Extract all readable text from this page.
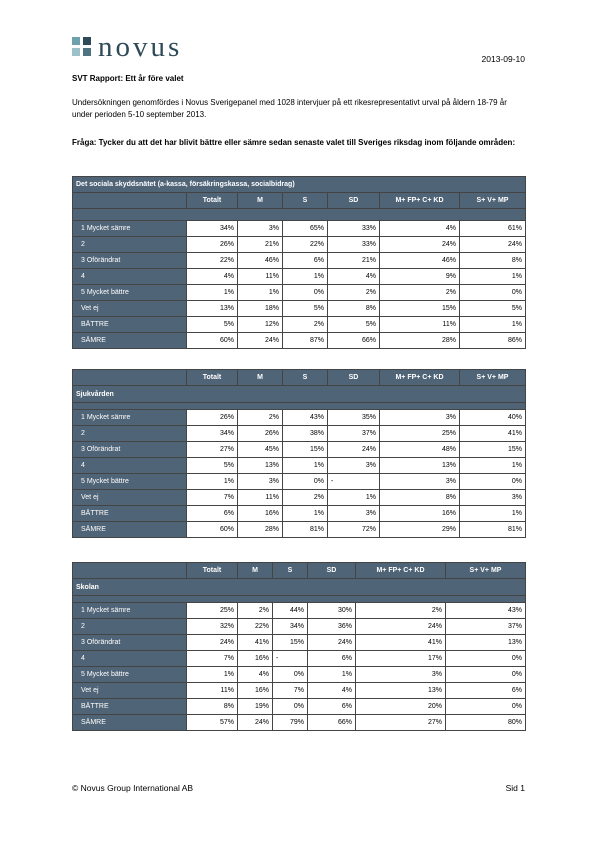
novus	2013-09-10
SVT Rapport: Ett år före valet
Undersökningen genomfördes i Novus Sverigepanel med 1028 intervjuer på ett rikesrepresentativt urval på åldern 18-79 år under perioden 5-10 september 2013.
Fråga: Tycker du att det har blivit bättre eller sämre sedan senaste valet till Sveriges riksdag inom följande områden:
Det sociala skyddsnätet (a-kassa, försäkringskassa, socialbidrag)						
	Totalt	M	S	SD	M+ FP+ C+ KD	S+ V+ MP

1 Mycket sämre	34%	3%	65%	33%	4%	61%
2	26%	21%	22%	33%	24%	24%
3 Oförändrat	22%	46%	6%	21%	46%	8%
4	4%	11%	1%	4%	9%	1%
5 Mycket bättre	1%	1%	0%	2%	2%	0%
Vet ej	13%	18%	5%	8%	15%	5%
BÄTTRE	5%	12%	2%	5%	11%	1%
SÄMRE	60%	24%	87%	66%	28%	86%
	Totalt	M	S	SD	M+ FP+ C+ KD	S+ V+ MP
Sjukvården						

1 Mycket sämre	26%	2%	43%	35%	3%	40%
2	34%	26%	38%	37%	25%	41%
3 Oförändrat	27%	45%	15%	24%	48%	15%
4	5%	13%	1%	3%	13%	1%
5 Mycket bättre	1%	3%	0%	-	3%	0%
Vet ej	7%	11%	2%	1%	8%	3%
BÄTTRE	6%	16%	1%	3%	16%	1%
SÄMRE	60%	28%	81%	72%	29%	81%
	Totalt	M	S	SD	M+ FP+ C+ KD	S+ V+ MP
Skolan						

1 Mycket sämre	25%	2%	44%	30%	2%	43%
2	32%	22%	34%	36%	24%	37%
3 Oförändrat	24%	41%	15%	24%	41%	13%
4	7%	16%	-	6%	17%	0%
5 Mycket bättre	1%	4%	0%	1%	3%	0%
Vet ej	11%	16%	7%	4%	13%	6%
BÄTTRE	8%	19%	0%	6%	20%	0%
SÄMRE	57%	24%	79%	66%	27%	80%
© Novus Group International AB	Sid 1
